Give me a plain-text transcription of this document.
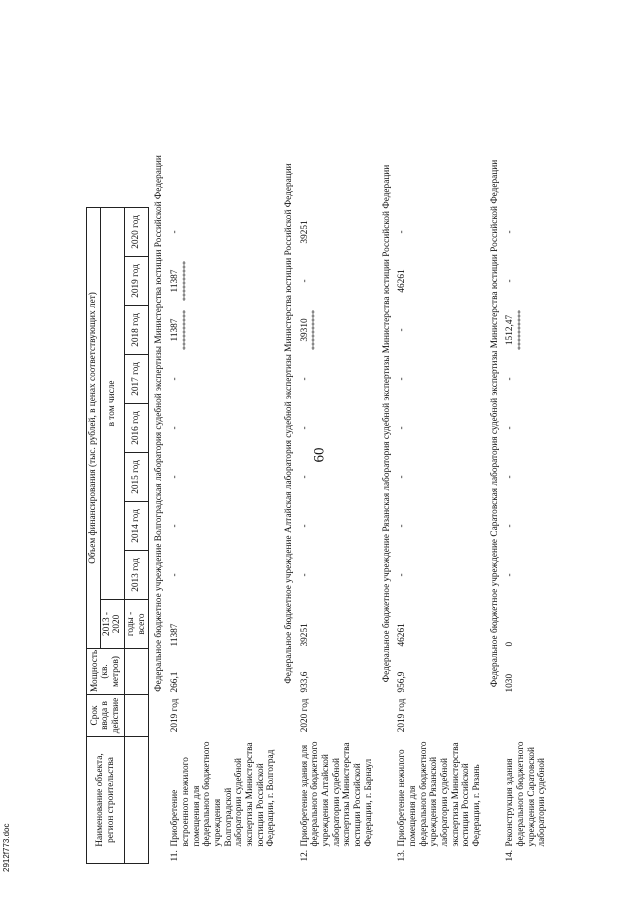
60
2912f773.doc
Наименование объекта, регион строительства		Срок ввода в действие	Мощность (кв. метров)	Объем финансирования (тыс. рублей, в ценах соответствующих лет)									
				2013 - 2020	в том числе								

				годы - всего	2013 год	2014 год	2015 год	2016 год	2017 год	2018 год	2019 год	2020 год	
Федеральное бюджетное учреждение Волгоградская лаборатория судебной экспертизы Министерства юстиции Российской Федерации													
11.	Приобретение встроенного нежилого помещения для федерального бюджетного учреждения Волгоградской лаборатории судебной экспертизы Министерства юстиции Российской Федерации, г. Волгоград	2019 год	266,1	11387	-	-	-	-	-	11387 **********	11387 **********	-	
Федеральное бюджетное учреждение Алтайская лаборатория судебной экспертизы Министерства юстиции Российской Федерации													
12.	Приобретение здания для федерального бюджетного учреждения Алтайской лаборатории судебной экспертизы Министерства юстиции Российской Федерации, г. Барнаул	2020 год	933,6	39251	-	-	-	-	-	39310 **********	-	39251	
Федеральное бюджетное учреждение Рязанская лаборатория судебной экспертизы Министерства юстиции Российской Федерации													
13.	Приобретение нежилого помещения для федерального бюджетного учреждения Рязанской лаборатории судебной экспертизы Министерства юстиции Российской Федерации, г. Рязань	2019 год	956,9	46261	-	-	-	-	-	-	46261	-	
Федеральное бюджетное учреждение Саратовская лаборатория судебной экспертизы Министерства юстиции Российской Федерации													
14.	Реконструкция здания федерального бюджетного учреждения Саратовской лаборатории судебной		1030	0	-	-	-	-	-	1512,47 **********	-	-	
